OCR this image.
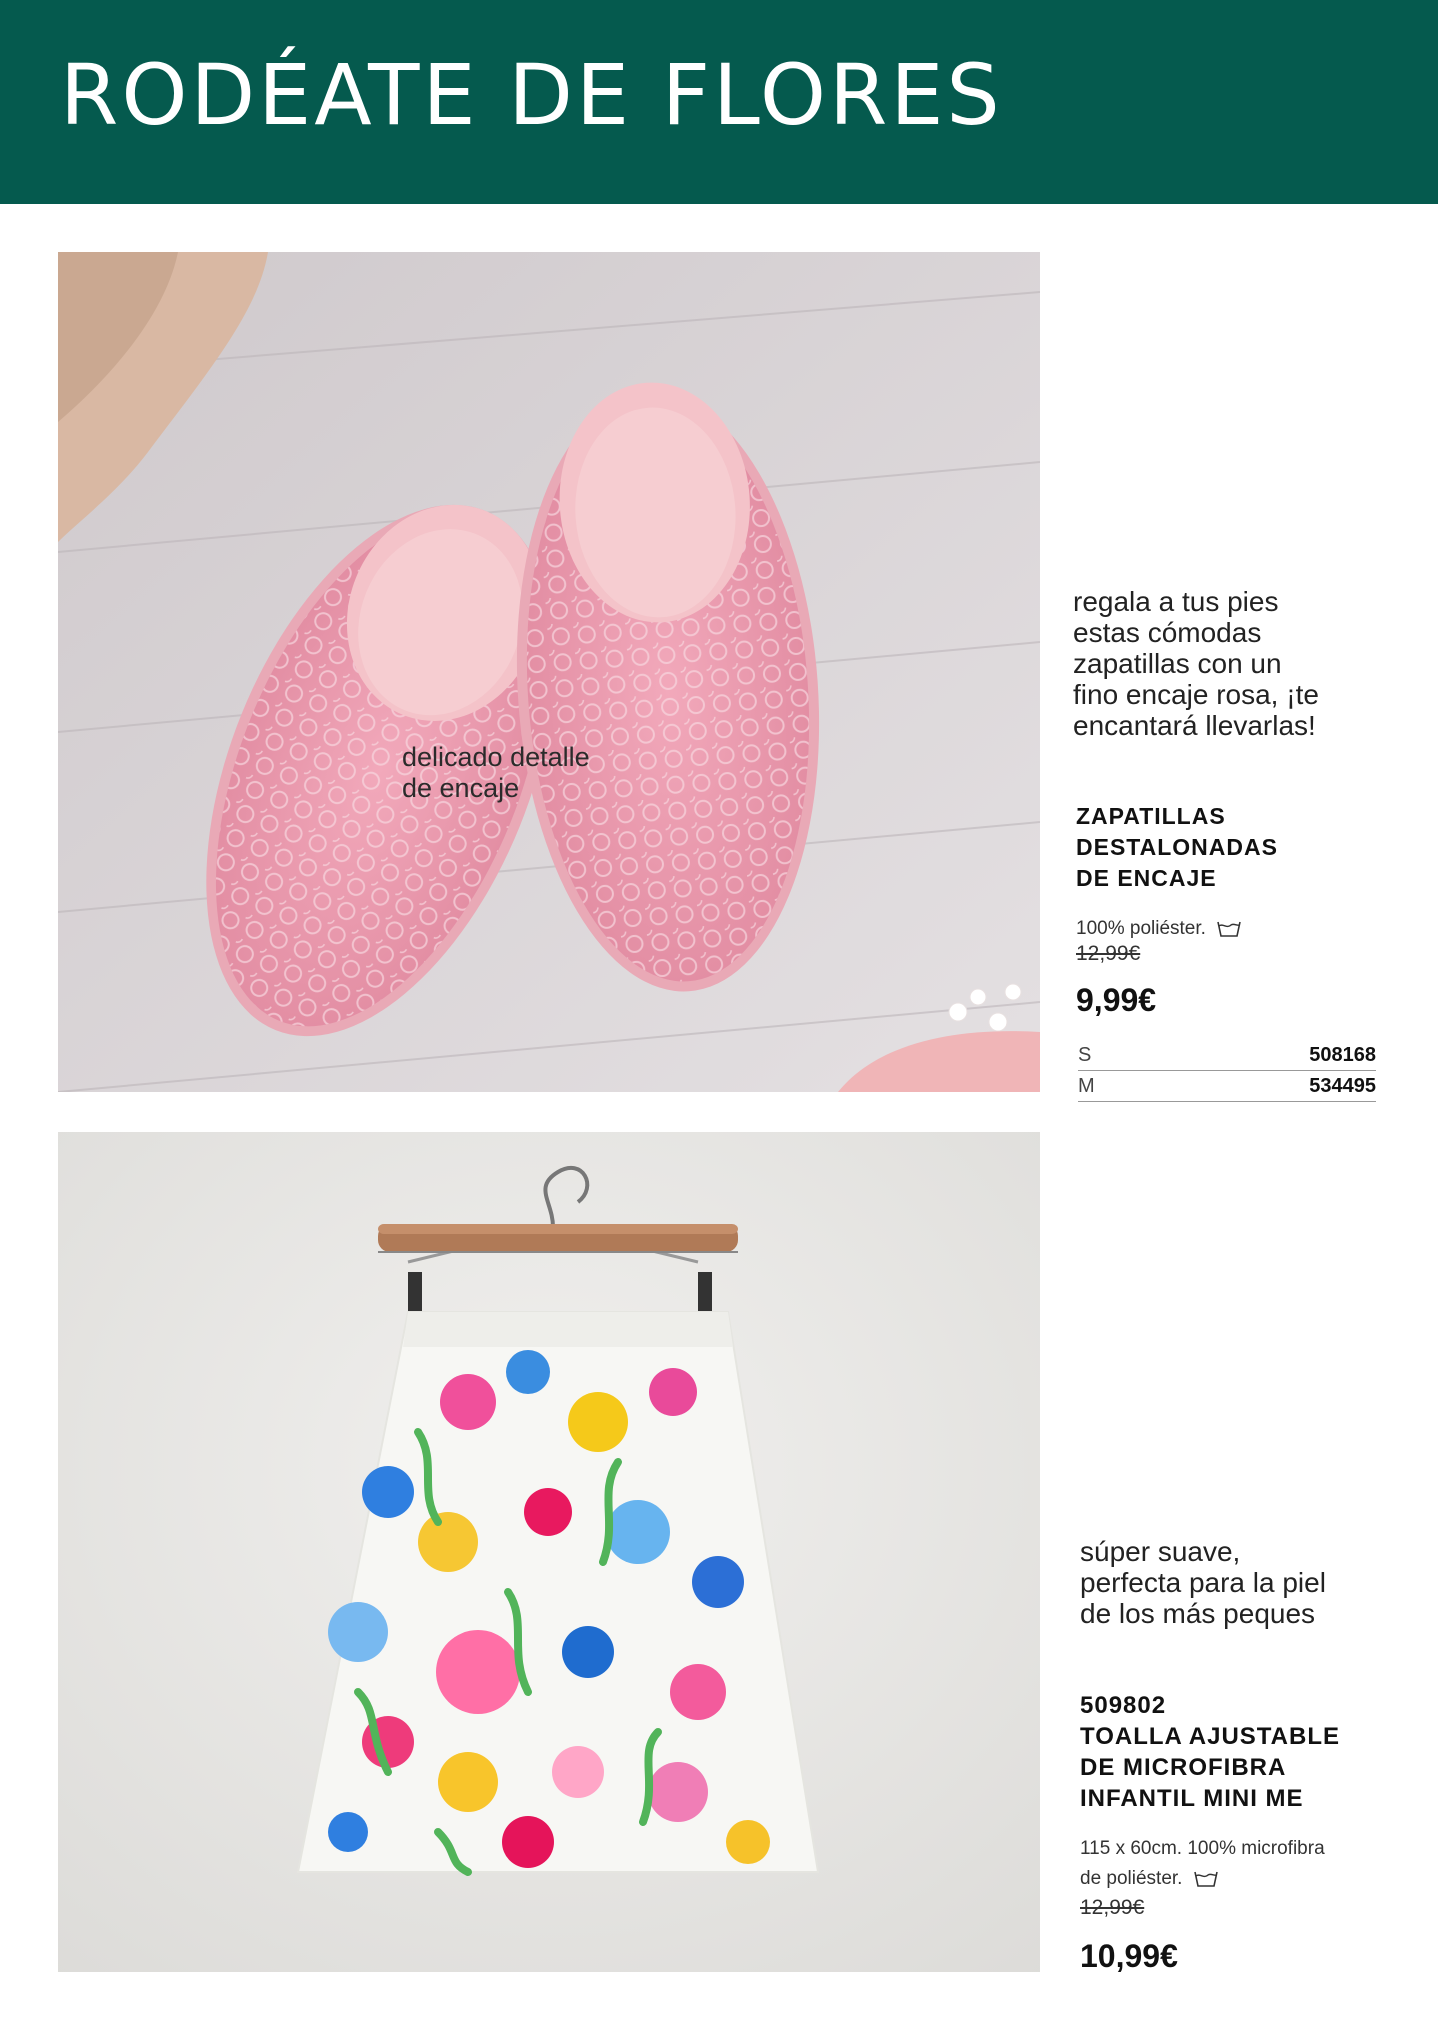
RODÉATE DE FLORES
delicado detalle
de encaje
regala a tus pies
estas cómodas
zapatillas con un
fino encaje rosa, ¡te
encantará llevarlas!
ZAPATILLAS
DESTALONADAS
DE ENCAJE
100% poliéster.
12,99€
9,99€
S	508168
M	534495
súper suave,
perfecta para la piel
de los más peques
509802
TOALLA AJUSTABLE
DE MICROFIBRA
INFANTIL MINI ME
115 x 60cm. 100% microfibra
de poliéster.
12,99€
10,99€
